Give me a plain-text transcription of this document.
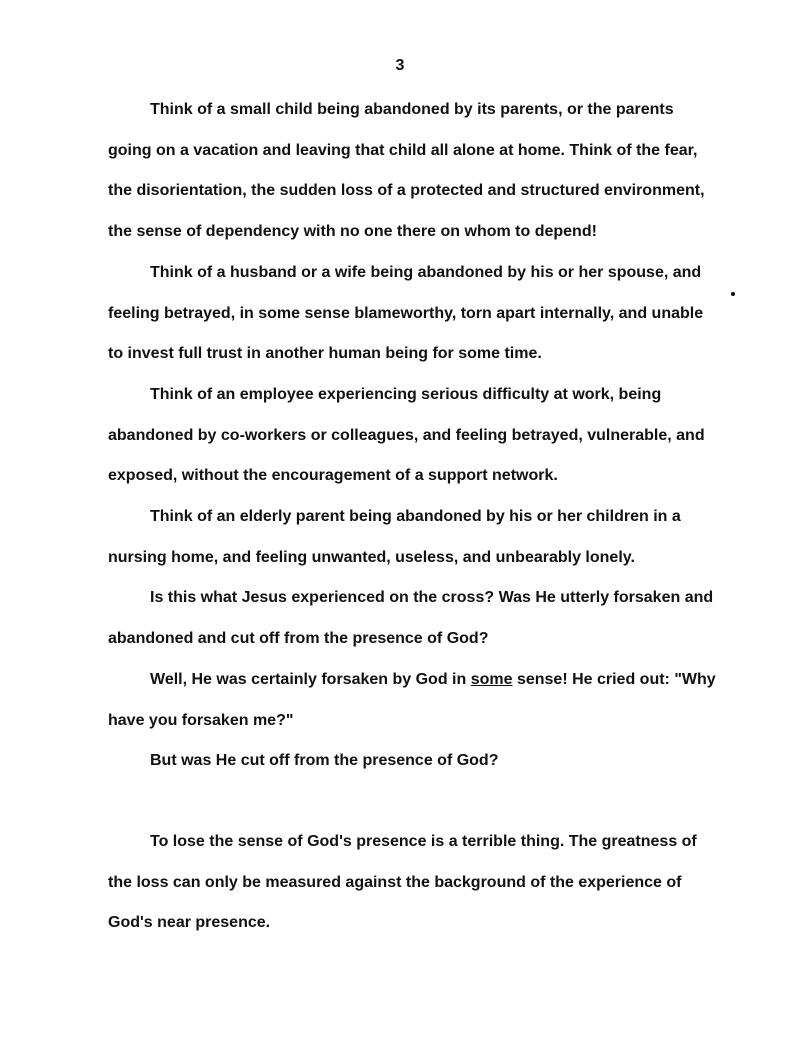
3

Think of a small child being abandoned by its parents, or the parents going on a vacation and leaving that child all alone at home. Think of the fear, the disorientation, the sudden loss of a protected and structured environment, the sense of dependency with no one there on whom to depend!

Think of a husband or a wife being abandoned by his or her spouse, and feeling betrayed, in some sense blameworthy, torn apart internally, and unable to invest full trust in another human being for some time.

Think of an employee experiencing serious difficulty at work, being abandoned by co-workers or colleagues, and feeling betrayed, vulnerable, and exposed, without the encouragement of a support network.

Think of an elderly parent being abandoned by his or her children in a nursing home, and feeling unwanted, useless, and unbearably lonely.

Is this what Jesus experienced on the cross? Was He utterly forsaken and abandoned and cut off from the presence of God?

Well, He was certainly forsaken by God in some sense! He cried out: "Why have you forsaken me?"

But was He cut off from the presence of God?

To lose the sense of God's presence is a terrible thing. The greatness of the loss can only be measured against the background of the experience of God's near presence.
